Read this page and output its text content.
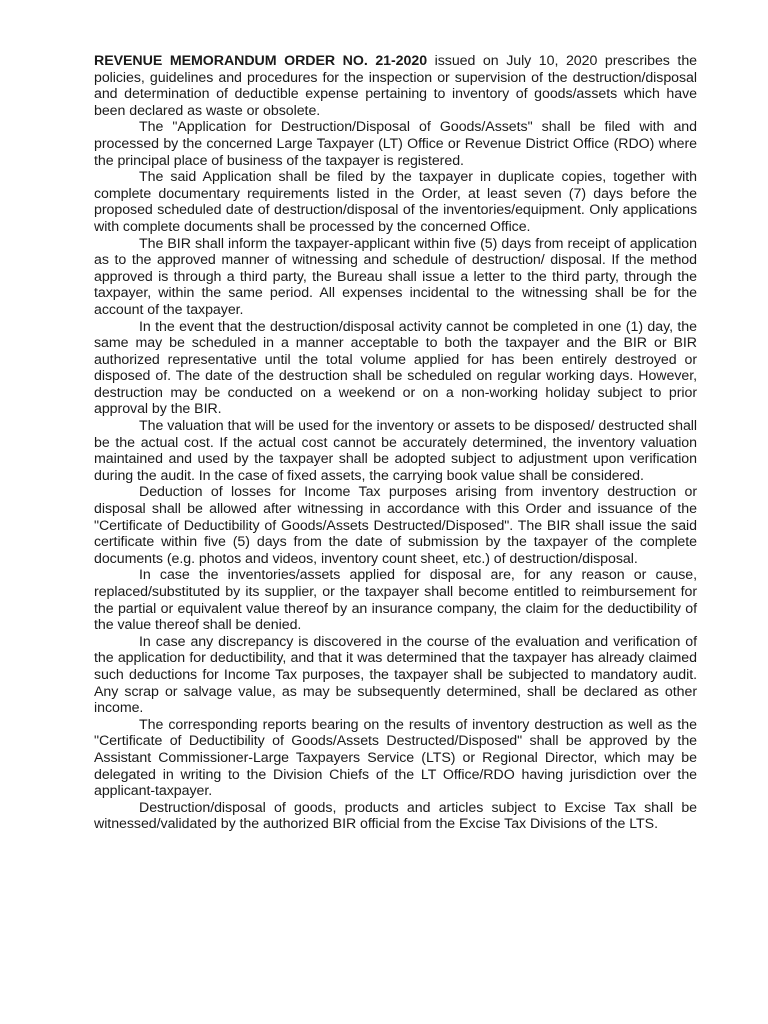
REVENUE MEMORANDUM ORDER NO. 21-2020 issued on July 10, 2020 prescribes the policies, guidelines and procedures for the inspection or supervision of the destruction/disposal and determination of deductible expense pertaining to inventory of goods/assets which have been declared as waste or obsolete.

The "Application for Destruction/Disposal of Goods/Assets" shall be filed with and processed by the concerned Large Taxpayer (LT) Office or Revenue District Office (RDO) where the principal place of business of the taxpayer is registered.

The said Application shall be filed by the taxpayer in duplicate copies, together with complete documentary requirements listed in the Order, at least seven (7) days before the proposed scheduled date of destruction/disposal of the inventories/equipment. Only applications with complete documents shall be processed by the concerned Office.

The BIR shall inform the taxpayer-applicant within five (5) days from receipt of application as to the approved manner of witnessing and schedule of destruction/ disposal. If the method approved is through a third party, the Bureau shall issue a letter to the third party, through the taxpayer, within the same period. All expenses incidental to the witnessing shall be for the account of the taxpayer.

In the event that the destruction/disposal activity cannot be completed in one (1) day, the same may be scheduled in a manner acceptable to both the taxpayer and the BIR or BIR authorized representative until the total volume applied for has been entirely destroyed or disposed of. The date of the destruction shall be scheduled on regular working days. However, destruction may be conducted on a weekend or on a non-working holiday subject to prior approval by the BIR.

The valuation that will be used for the inventory or assets to be disposed/ destructed shall be the actual cost. If the actual cost cannot be accurately determined, the inventory valuation maintained and used by the taxpayer shall be adopted subject to adjustment upon verification during the audit. In the case of fixed assets, the carrying book value shall be considered.

Deduction of losses for Income Tax purposes arising from inventory destruction or disposal shall be allowed after witnessing in accordance with this Order and issuance of the "Certificate of Deductibility of Goods/Assets Destructed/Disposed". The BIR shall issue the said certificate within five (5) days from the date of submission by the taxpayer of the complete documents (e.g. photos and videos, inventory count sheet, etc.) of destruction/disposal.

In case the inventories/assets applied for disposal are, for any reason or cause, replaced/substituted by its supplier, or the taxpayer shall become entitled to reimbursement for the partial or equivalent value thereof by an insurance company, the claim for the deductibility of the value thereof shall be denied.

In case any discrepancy is discovered in the course of the evaluation and verification of the application for deductibility, and that it was determined that the taxpayer has already claimed such deductions for Income Tax purposes, the taxpayer shall be subjected to mandatory audit. Any scrap or salvage value, as may be subsequently determined, shall be declared as other income.

The corresponding reports bearing on the results of inventory destruction as well as the "Certificate of Deductibility of Goods/Assets Destructed/Disposed" shall be approved by the Assistant Commissioner-Large Taxpayers Service (LTS) or Regional Director, which may be delegated in writing to the Division Chiefs of the LT Office/RDO having jurisdiction over the applicant-taxpayer.

Destruction/disposal of goods, products and articles subject to Excise Tax shall be witnessed/validated by the authorized BIR official from the Excise Tax Divisions of the LTS.
